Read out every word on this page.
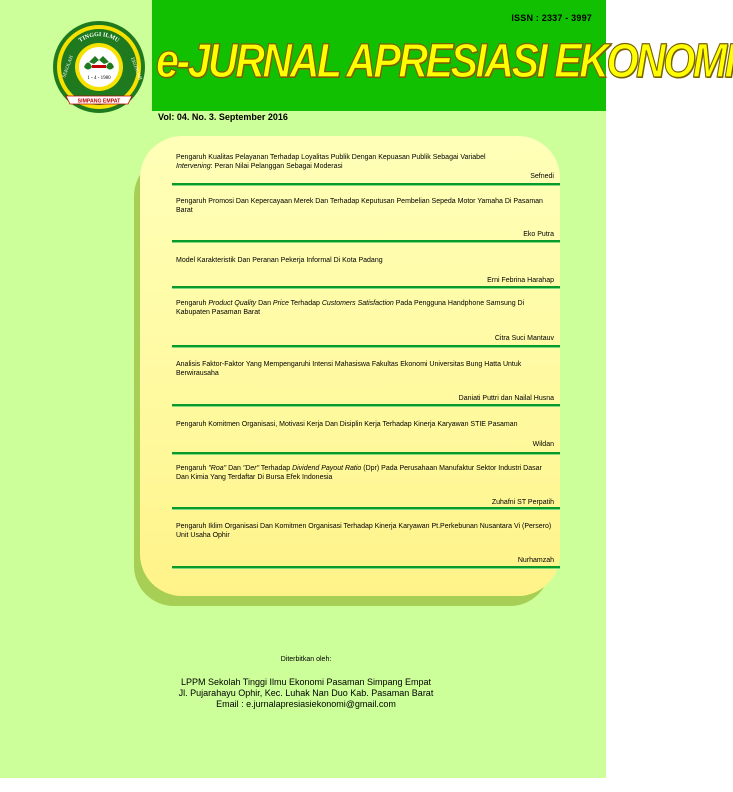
ISSN : 2337 - 3997
e-JURNAL APRESIASI EKONOMI
Vol: 04. No. 3. September 2016
TINGGI ILMU
SEKOLAH	EKONOMI
1 - 4 - 1980
SIMPANG EMPAT
Pengaruh Kualitas Pelayanan Terhadap Loyalitas Publik Dengan Kepuasan Publik Sebagai Variabel
Intervening: Peran Nilai Pelanggan Sebagai Moderasi
Sefnedi
Pengaruh Promosi Dan Kepercayaan Merek Dan Terhadap Keputusan Pembelian Sepeda Motor Yamaha Di Pasaman Barat
Eko Putra
Model Karakteristik Dan Peranan Pekerja Informal Di Kota Padang
Erni Febrina Harahap
Pengaruh Product Quality Dan Price Terhadap Customers Satisfaction Pada Pengguna Handphone Samsung Di Kabupaten Pasaman Barat
Citra Suci Mantauv
Analisis Faktor-Faktor Yang Mempengaruhi Intensi Mahasiswa Fakultas Ekonomi Universitas Bung Hatta Untuk Berwirausaha
Daniati Puttri dan Nailal Husna
Pengaruh Komitmen Organisasi, Motivasi Kerja Dan Disiplin Kerja Terhadap Kinerja Karyawan STIE Pasaman
Wildan
Pengaruh "Roa" Dan "Der" Terhadap Dividend Payout Ratio (Dpr) Pada Perusahaan Manufaktur Sektor Industri Dasar Dan Kimia Yang Terdaftar Di Bursa Efek Indonesia
Zuhafni ST Perpatih
Pengaruh Iklim Organisasi Dan Komitmen Organisasi Terhadap Kinerja Karyawan Pt.Perkebunan Nusantara Vi (Persero) Unit Usaha Ophir
Nurhamzah
Diterbitkan oleh:
LPPM Sekolah Tinggi Ilmu Ekonomi Pasaman Simpang Empat
Jl. Pujarahayu Ophir, Kec. Luhak Nan Duo Kab. Pasaman Barat
Email : e.jurnalapresiasiekonomi@gmail.com
